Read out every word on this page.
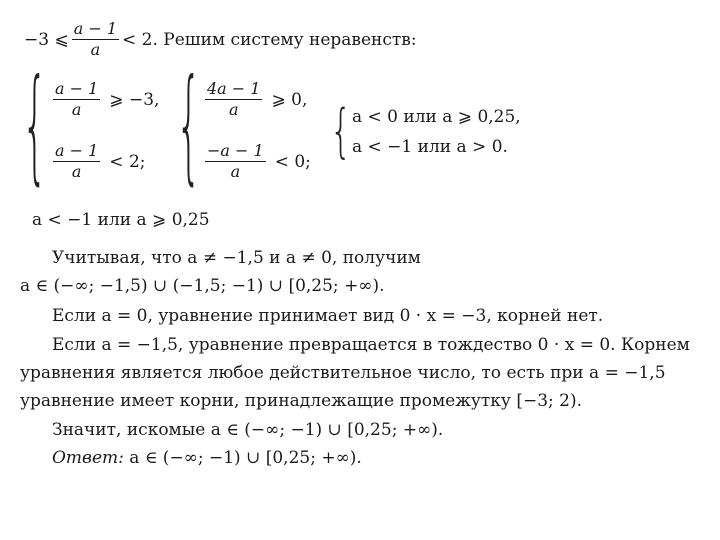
−3 ⩽ $\frac{a - 1}{a} < 2$. Решим систему неравенств:
{ $\frac{a - 1}{a}$ ⩾ −3,
$\frac{a - 1}{a} < 2$; { $\frac{4a - 1}{a}$ ⩾ 0,
$\frac{-a - 1}{a} < 0$; { a < 0 или a ⩾ 0,25,
a < −1 или a > 0.
a < −1 или a ⩾ 0,25
Учитывая, что a ≠ −1,5 и a ≠ 0, получим
a ∈ (−∞; −1,5) ∪ (−1,5; −1) ∪ [0,25; +∞).
Если a = 0, уравнение принимает вид 0 · x = −3, корней нет.
Если a = −1,5, уравнение превращается в тождество 0 · x = 0. Корнем
уравнения является любое действительное число, то есть при a = −1,5
уравнение имеет корни, принадлежащие промежутку [−3; 2).
Значит, искомые a ∈ (−∞; −1) ∪ [0,25; +∞).
Ответ: a ∈ (−∞; −1) ∪ [0,25; +∞).
